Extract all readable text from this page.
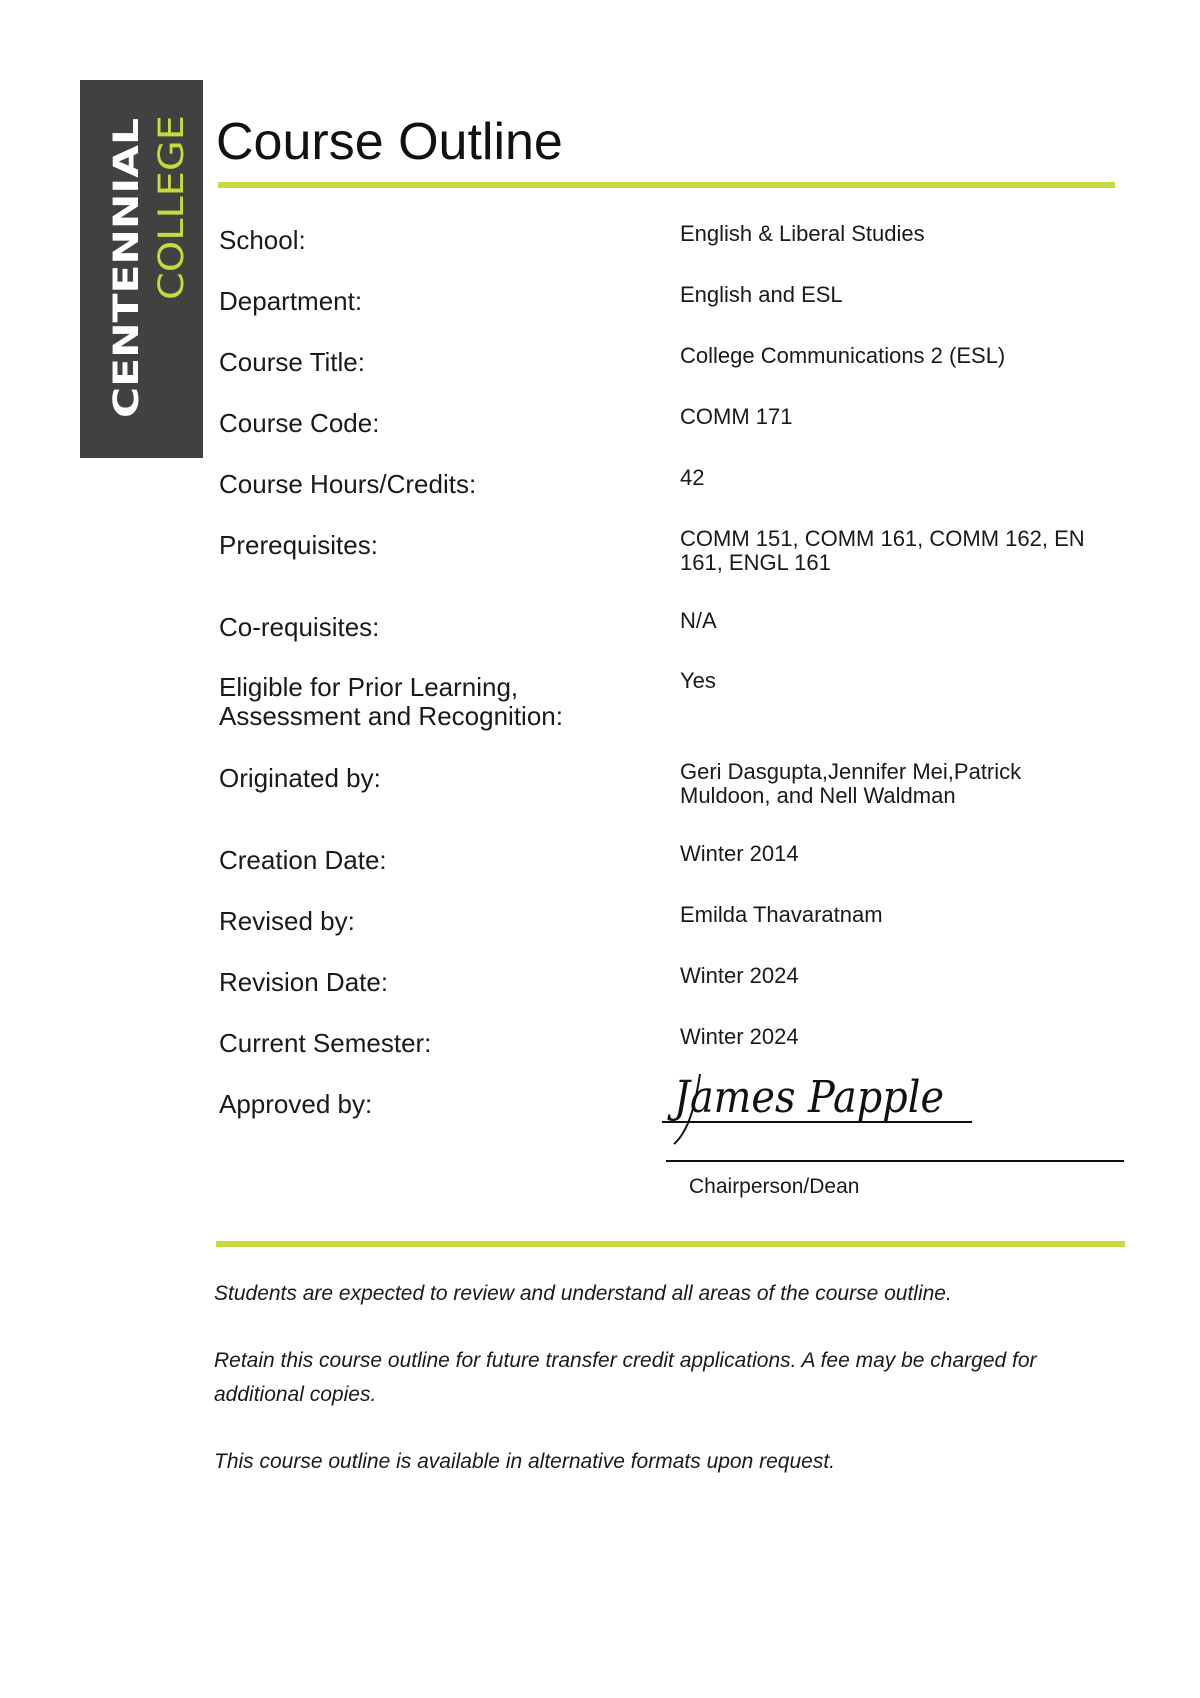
CENTENNIAL COLLEGE Course Outline
School:	English & Liberal Studies
Department:	English and ESL
Course Title:	College Communications 2 (ESL)
Course Code:	COMM 171
Course Hours/Credits:	42
Prerequisites:	COMM 151, COMM 161, COMM 162, EN 161, ENGL 161
Co-requisites:	N/A
Eligible for Prior Learning, Assessment and Recognition:
Yes
Originated by:	Geri Dasgupta,Jennifer Mei,Patrick Muldoon, and Nell Waldman
Creation Date:	Winter 2014
Revised by:	Emilda Thavaratnam
Revision Date:	Winter 2024
Current Semester:	Winter 2024
Approved by:	James Papple
Chairperson/Dean

Students are expected to review and understand all areas of the course outline.

Retain this course outline for future transfer credit applications. A fee may be charged for additional copies.

This course outline is available in alternative formats upon request.
